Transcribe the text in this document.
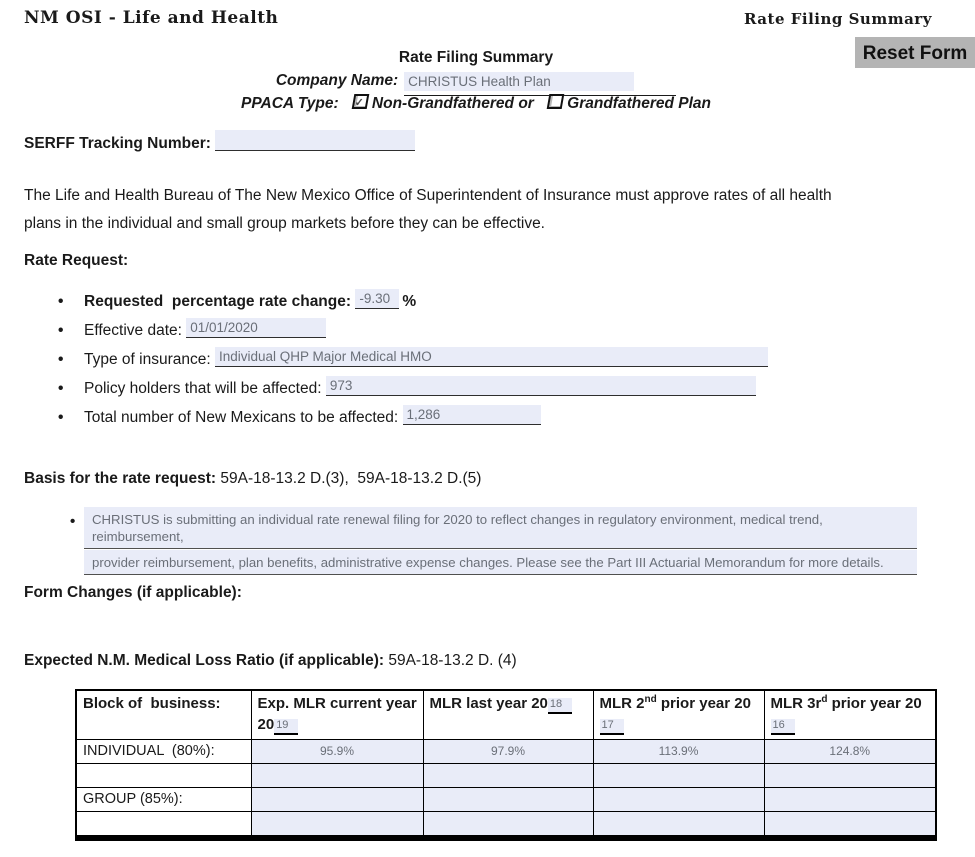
NM OSI - Life and Health	Rate Filing Summary
Reset Form
Rate Filing Summary
Company Name: CHRISTUS Health Plan
PPACA Type: ✓ Non-Grandfathered or Grandfathered Plan
SERFF Tracking Number:
The Life and Health Bureau of The New Mexico Office of Superintendent of Insurance must approve rates of all health plans in the individual and small group markets before they can be effective.
Rate Request:
• Requested  percentage rate change: -9.30 %
• Effective date: 01/01/2020
• Type of insurance: Individual QHP Major Medical HMO
• Policy holders that will be affected: 973
• Total number of New Mexicans to be affected: 1,286
Basis for the rate request: 59A-18-13.2 D.(3),  59A-18-13.2 D.(5)
•	CHRISTUS is submitting an individual rate renewal filing for 2020 to reflect changes in regulatory environment, medical trend, reimbursement,
provider reimbursement, plan benefits, administrative expense changes. Please see the Part III Actuarial Memorandum for more details.
Form Changes (if applicable):
Expected N.M. Medical Loss Ratio (if applicable): 59A-18-13.2 D. (4)
Block of  business:	Exp. MLR current year 20 19	MLR last year 20 18	MLR 2nd prior year 2017	MLR $3r^d$ prior year 2016
INDIVIDUAL  (80%):	95.9%	97.9%	113.9%	124.8%

GROUP (85%):				
